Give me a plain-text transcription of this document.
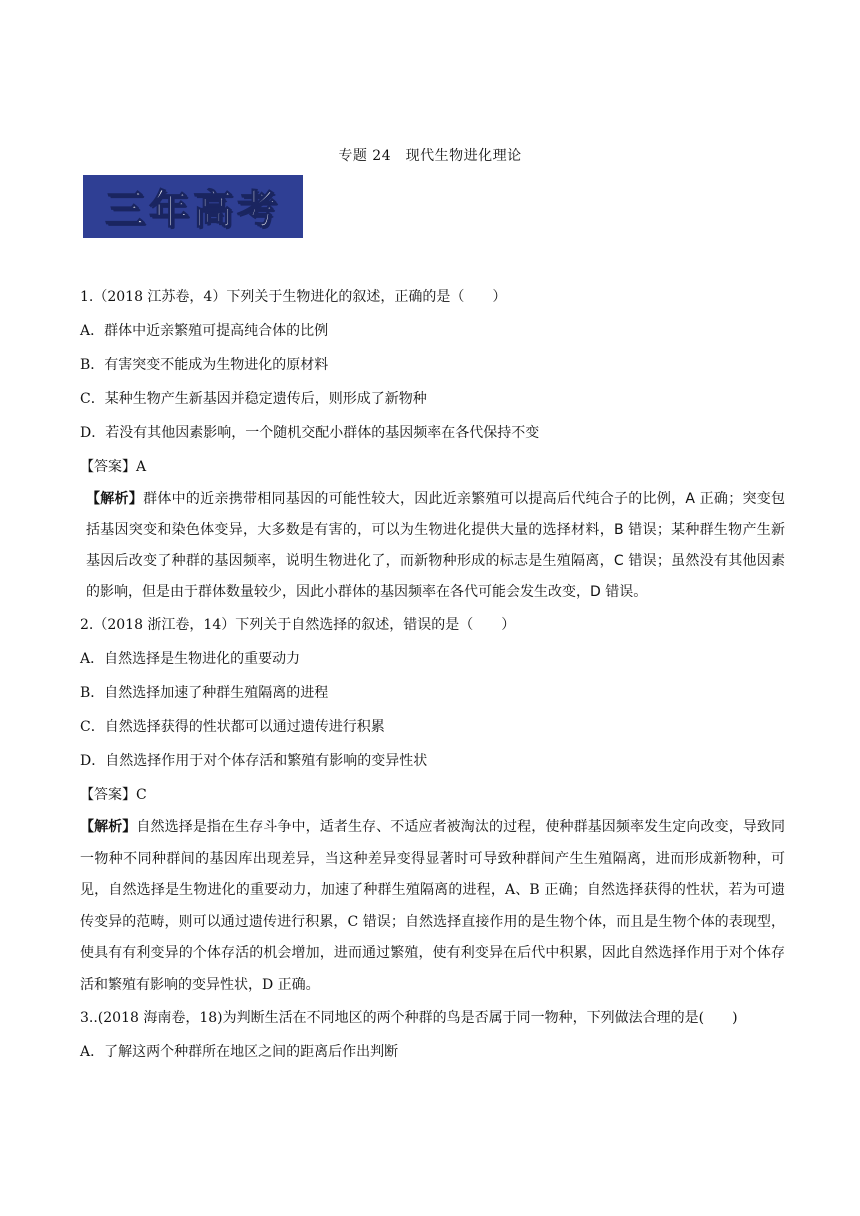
专题 24　现代生物进化理论
三年高考
1.（2018 江苏卷，4）下列关于生物进化的叙述，正确的是（　　）
A．群体中近亲繁殖可提高纯合体的比例
B．有害突变不能成为生物进化的原材料
C．某种生物产生新基因并稳定遗传后，则形成了新物种
D．若没有其他因素影响，一个随机交配小群体的基因频率在各代保持不变
【答案】A
【解析】群体中的近亲携带相同基因的可能性较大，因此近亲繁殖可以提高后代纯合子的比例，A 正确；突变包括基因突变和染色体变异，大多数是有害的，可以为生物进化提供大量的选择材料，B 错误；某种群生物产生新基因后改变了种群的基因频率，说明生物进化了，而新物种形成的标志是生殖隔离，C 错误；虽然没有其他因素的影响，但是由于群体数量较少，因此小群体的基因频率在各代可能会发生改变，D 错误。
2.（2018 浙江卷，14）下列关于自然选择的叙述，错误的是（　　）
A．自然选择是生物进化的重要动力
B．自然选择加速了种群生殖隔离的进程
C．自然选择获得的性状都可以通过遗传进行积累
D．自然选择作用于对个体存活和繁殖有影响的变异性状
【答案】C
【解析】自然选择是指在生存斗争中，适者生存、不适应者被淘汰的过程，使种群基因频率发生定向改变，导致同一物种不同种群间的基因库出现差异，当这种差异变得显著时可导致种群间产生生殖隔离，进而形成新物种，可见，自然选择是生物进化的重要动力，加速了种群生殖隔离的进程，A、B 正确；自然选择获得的性状，若为可遗传变异的范畴，则可以通过遗传进行积累，C 错误；自然选择直接作用的是生物个体，而且是生物个体的表现型，使具有有利变异的个体存活的机会增加，进而通过繁殖，使有利变异在后代中积累，因此自然选择作用于对个体存活和繁殖有影响的变异性状，D 正确。
3..(2018 海南卷，18)为判断生活在不同地区的两个种群的鸟是否属于同一物种，下列做法合理的是(　　)
A．了解这两个种群所在地区之间的距离后作出判断
